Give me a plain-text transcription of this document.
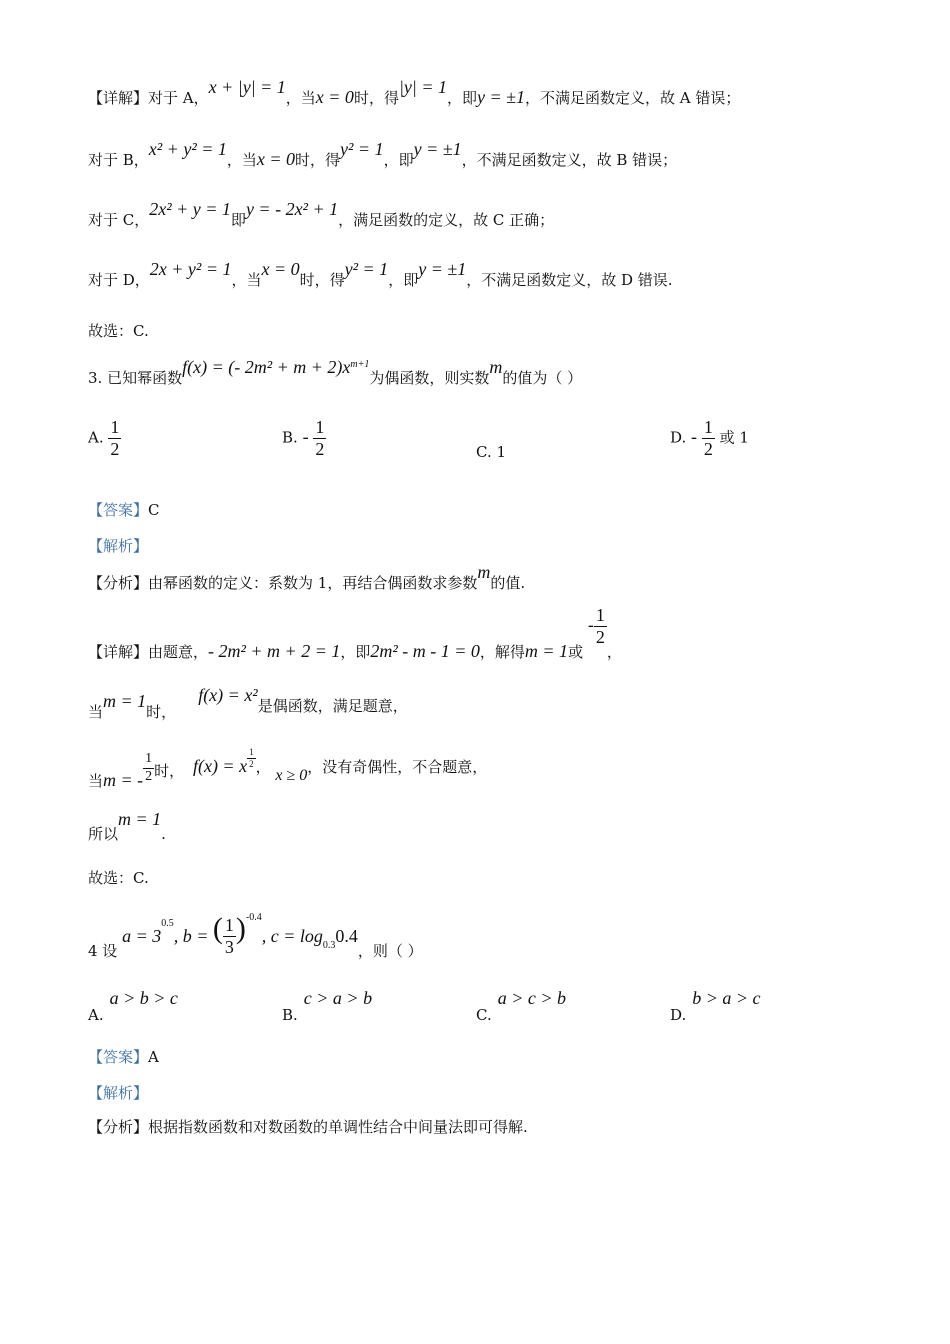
【详解】对于 A，x + |y| = 1，当x = 0时，得|y| = 1，即y = ±1，不满足函数定义，故 A 错误；
对于 B，x² + y² = 1，当x = 0时，得y² = 1，即y = ±1，不满足函数定义，故 B 错误；
对于 C，2x² + y = 1即y = - 2x² + 1，满足函数的定义，故 C 正确；
对于 D，2x + y² = 1，当x = 0时，得y² = 1，即y = ±1，不满足函数定义，故 D 错误.
故选：C.
3. 已知幂函数f(x) = (- $2m^2 + m + 2)x^{m+1}$为偶函数，则实数m的值为（ ）
A. $\frac{1}{2}$	B. - $\frac{1}{2}$	C. 1
D. - $\frac{1}{2}$ 或 1
【答案】C
【解析】
【分析】由幂函数的定义：系数为 1，再结合偶函数求参数m的值.
【详解】由题意，- 2m² + m + 2 = 1，即2m² - m - 1 = 0，解得m = 1或 - $\frac{1}{2}$
，
当m = 1时，f(x) = x²是偶函数，满足题意，
当m = - $\frac{1}{2}$ 时， f(x) = x $\frac{1}{2}$ ， x ≥ 0，没有奇偶性，不合题意，
所以m = 1.
故选：C.
4 设 $a = 3^{0.5}$, b = ( $\frac{1}{3} )^{-0.4}$, $c = \log_{0.3}0.4$，则（ ）
A.a > b > c
B.c > a > b
C.a > c > b
D.b > a > c
【答案】A
【解析】
【分析】根据指数函数和对数函数的单调性结合中间量法即可得解.
